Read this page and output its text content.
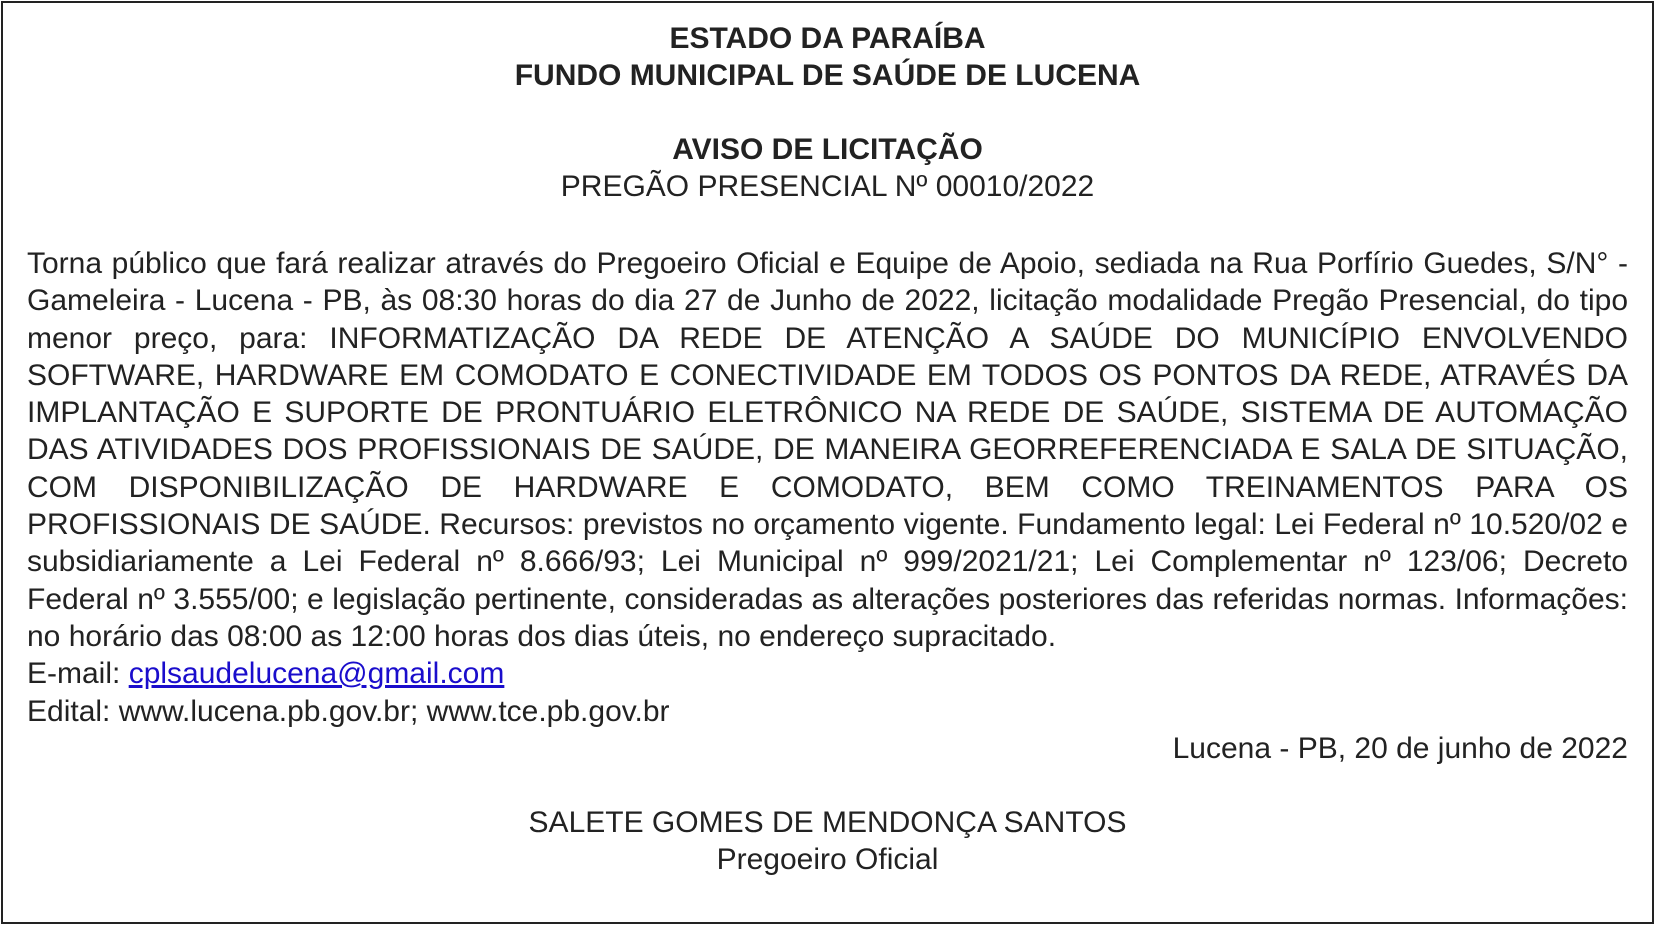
ESTADO DA PARAÍBA
FUNDO MUNICIPAL DE SAÚDE DE LUCENA
AVISO DE LICITAÇÃO
PREGÃO PRESENCIAL Nº 00010/2022
Torna público que fará realizar através do Pregoeiro Oficial e Equipe de Apoio, sediada na Rua Porfírio Guedes, S/N° - Gameleira - Lucena - PB, às 08:30 horas do dia 27 de Junho de 2022, licitação modalidade Pregão Presencial, do tipo menor preço, para: INFORMATIZAÇÃO DA REDE DE ATENÇÃO A SAÚDE DO MUNICÍPIO ENVOLVENDO SOFTWARE, HARDWARE EM COMODATO E CONECTIVIDADE EM TODOS OS PONTOS DA REDE, ATRAVÉS DA IMPLANTAÇÃO E SUPORTE DE PRONTUÁRIO ELETRÔNICO NA REDE DE SAÚDE, SISTEMA DE AUTOMAÇÃO DAS ATIVIDADES DOS PROFISSIONAIS DE SAÚDE, DE MANEIRA GEORREFERENCIADA E SALA DE SITUAÇÃO, COM DISPONIBILIZAÇÃO DE HARDWARE E COMODATO, BEM COMO TREINAMENTOS PARA OS PROFISSIONAIS DE SAÚDE. Recursos: previstos no orçamento vigente. Fundamento legal: Lei Federal nº 10.520/02 e subsidiariamente a Lei Federal nº 8.666/93; Lei Municipal nº 999/2021/21; Lei Complementar nº 123/06; Decreto Federal nº 3.555/00; e legislação pertinente, consideradas as alterações posteriores das referidas normas. Informações: no horário das 08:00 as 12:00 horas dos dias úteis, no endereço supracitado.
E-mail: cplsaudelucena@gmail.com
Edital: www.lucena.pb.gov.br; www.tce.pb.gov.br
Lucena - PB, 20 de junho de 2022
SALETE GOMES DE MENDONÇA SANTOS
Pregoeiro Oficial
